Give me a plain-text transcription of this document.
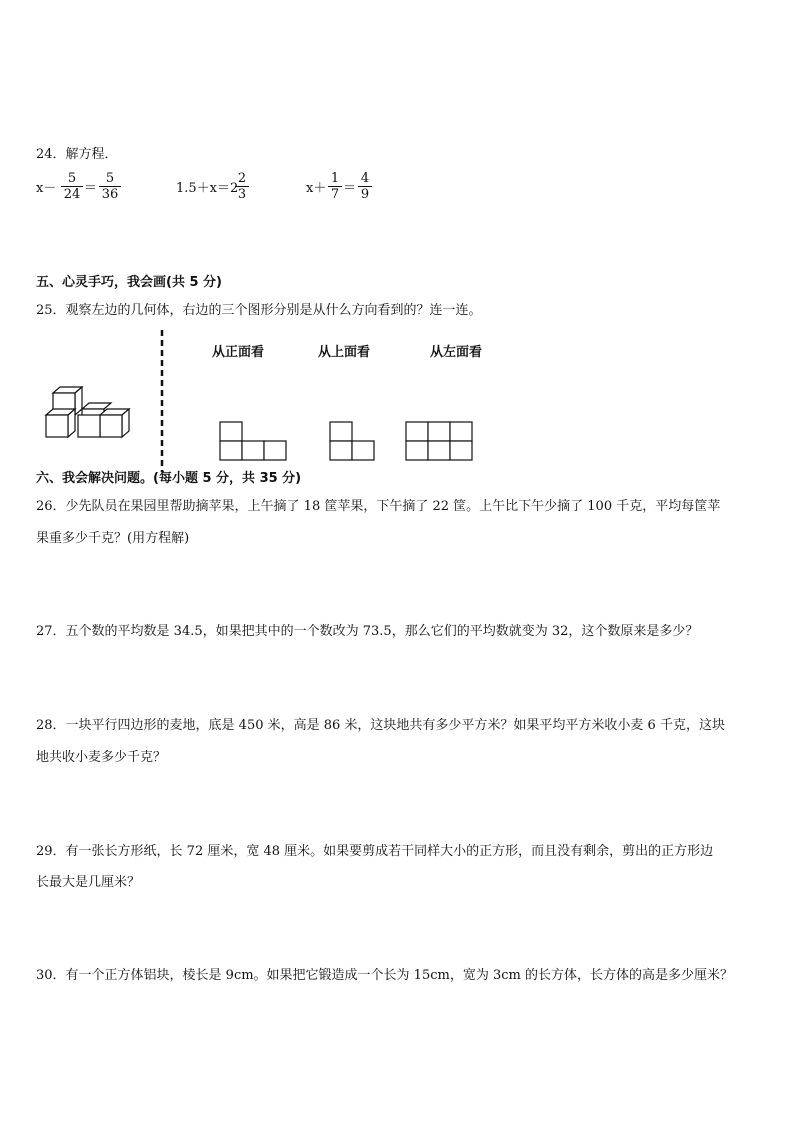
24．解方程．
$x- \frac{5}{24} = \frac{5}{36}$	1.5＋x＝2
$\frac{2}{3}$	$x+ \frac{1}{7} = \frac{4}{9}$
五、心灵手巧，我会画(共 5 分)
25．观察左边的几何体，右边的三个图形分别是从什么方向看到的？连一连。
从正面看	从上面看	从左面看
六、我会解决问题。(每小题 5 分，共 35 分)
26．少先队员在果园里帮助摘苹果，上午摘了 18 筐苹果，下午摘了 22 筐。上午比下午少摘了 100 千克，平均每筐苹
果重多少千克？(用方程解)
27．五个数的平均数是 34.5，如果把其中的一个数改为 73.5，那么它们的平均数就变为 32，这个数原来是多少？
28．一块平行四边形的麦地，底是 450 米，高是 86 米，这块地共有多少平方米？如果平均平方米收小麦 6 千克，这块
地共收小麦多少千克？
29．有一张长方形纸，长 72 厘米，宽 48 厘米。如果要剪成若干同样大小的正方形，而且没有剩余，剪出的正方形边
长最大是几厘米？
30．有一个正方体铝块，棱长是 9cm。如果把它锻造成一个长为 15cm，宽为 3cm 的长方体，长方体的高是多少厘米？
